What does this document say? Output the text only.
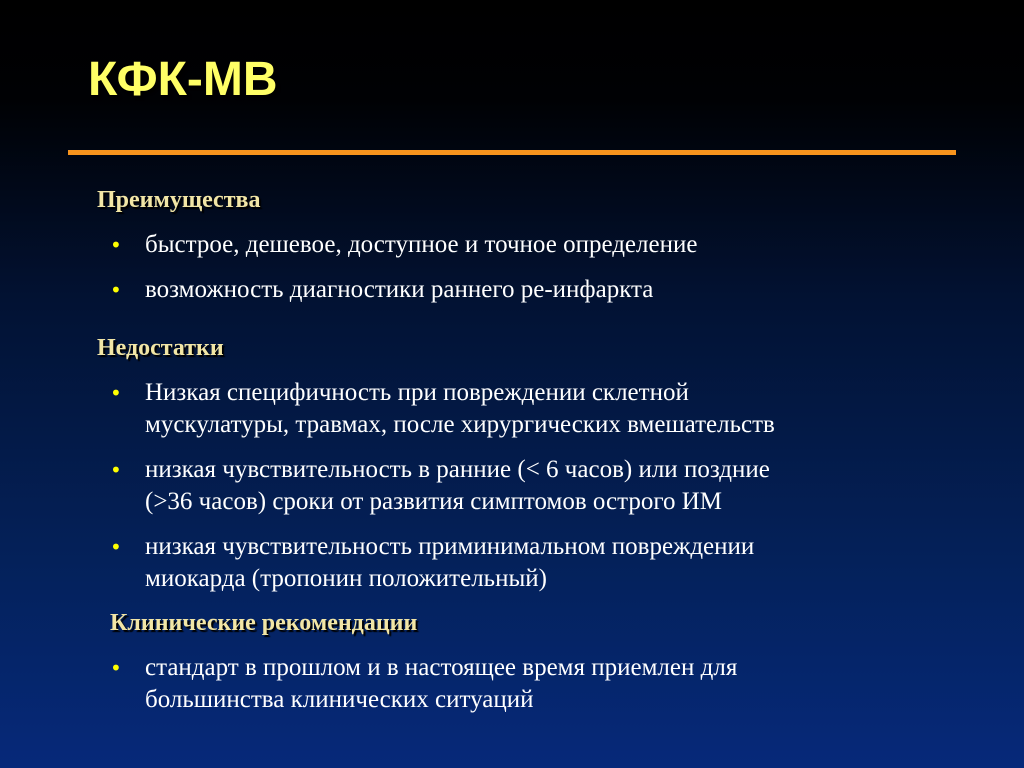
КФК-МВ
Преимущества
• быстрое, дешевое, доступное и точное определение
• возможность диагностики раннего ре-инфаркта
Недостатки
• Низкая специфичность при повреждении склетной
мускулатуры, травмах, после хирургических вмешательств
• низкая чувствительность в ранние (< 6 часов) или поздние
(>36 часов) сроки от развития симптомов острого ИМ
• низкая чувствительность приминимальном повреждении
миокарда (тропонин положительный)
Клинические рекомендации
• стандарт в прошлом и в настоящее время приемлен для
большинства клинических ситуаций
